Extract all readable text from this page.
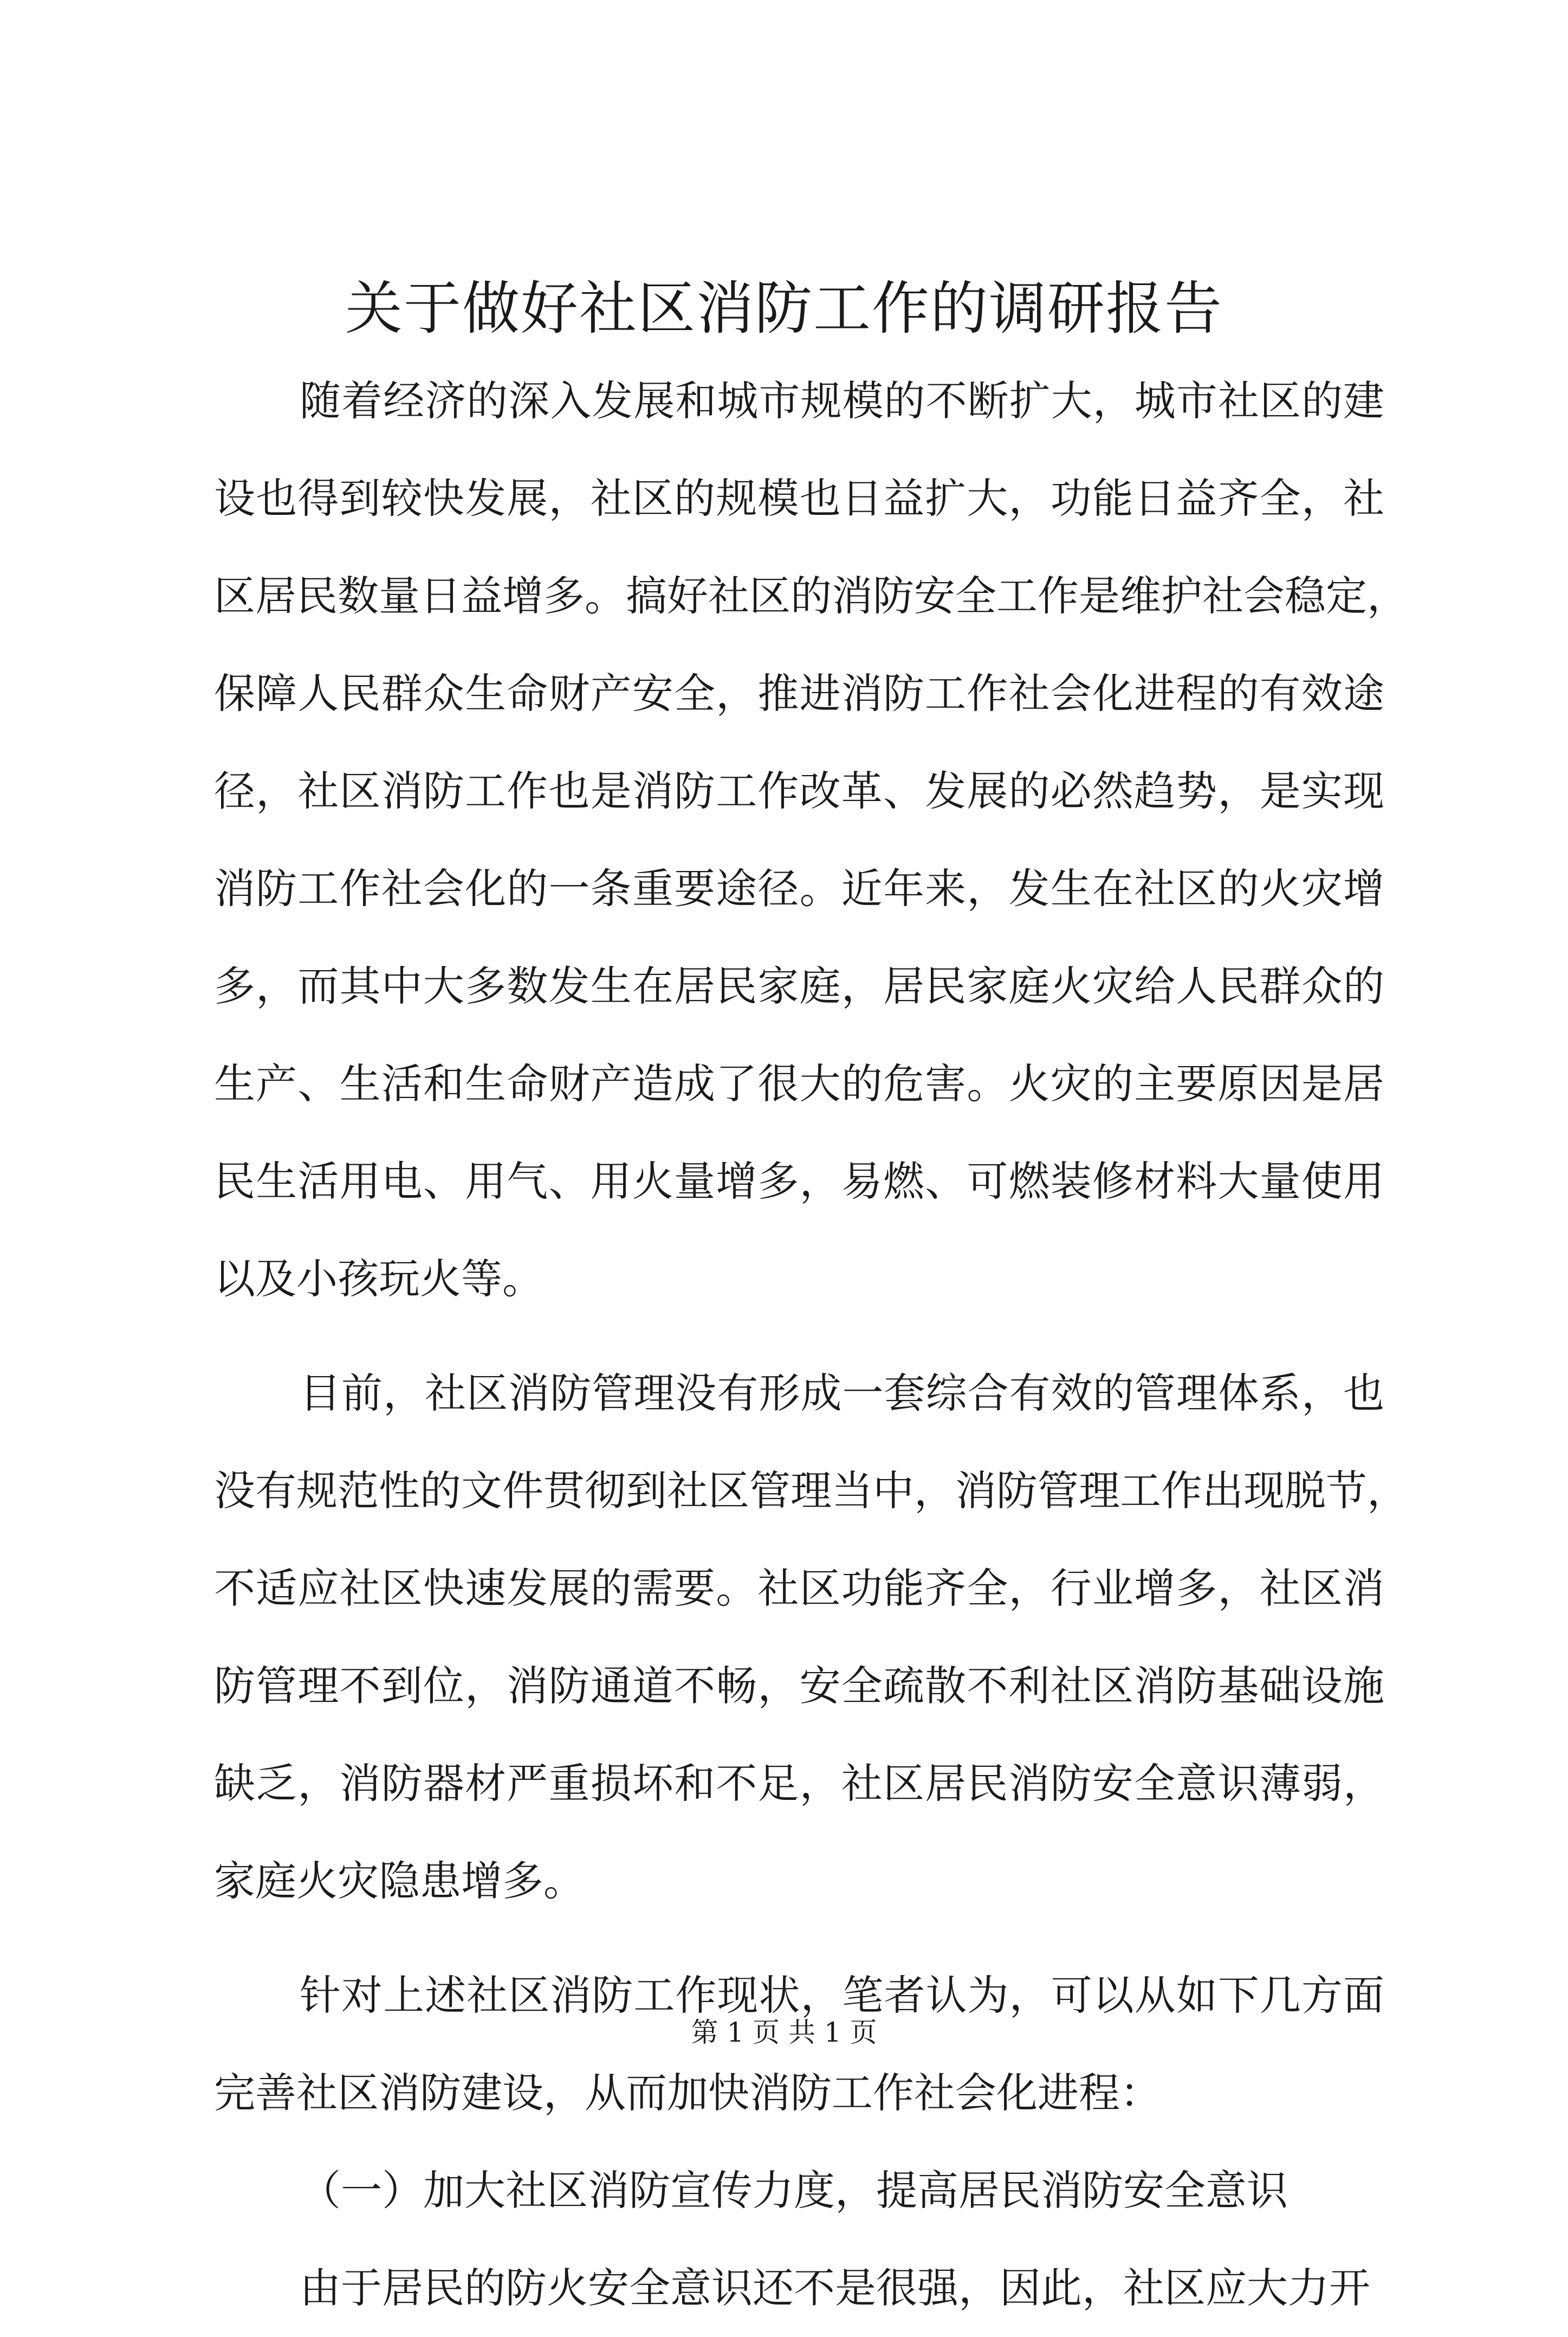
关于做好社区消防工作的调研报告
随着经济的深入发展和城市规模的不断扩大，城市社区的建
设也得到较快发展，社区的规模也日益扩大，功能日益齐全，社
区居民数量日益增多。搞好社区的消防安全工作是维护社会稳定，
保障人民群众生命财产安全，推进消防工作社会化进程的有效途
径，社区消防工作也是消防工作改革、发展的必然趋势，是实现
消防工作社会化的一条重要途径。近年来，发生在社区的火灾增
多，而其中大多数发生在居民家庭，居民家庭火灾给人民群众的
生产、生活和生命财产造成了很大的危害。火灾的主要原因是居
民生活用电、用气、用火量增多，易燃、可燃装修材料大量使用
以及小孩玩火等。
目前，社区消防管理没有形成一套综合有效的管理体系，也
没有规范性的文件贯彻到社区管理当中，消防管理工作出现脱节，
不适应社区快速发展的需要。社区功能齐全，行业增多，社区消
防管理不到位，消防通道不畅，安全疏散不利社区消防基础设施
缺乏，消防器材严重损坏和不足，社区居民消防安全意识薄弱，
家庭火灾隐患增多。
针对上述社区消防工作现状，笔者认为，可以从如下几方面
完善社区消防建设，从而加快消防工作社会化进程：
（一）加大社区消防宣传力度，提高居民消防安全意识
由于居民的防火安全意识还不是很强，因此，社区应大力开
第 1 页 共 1 页
